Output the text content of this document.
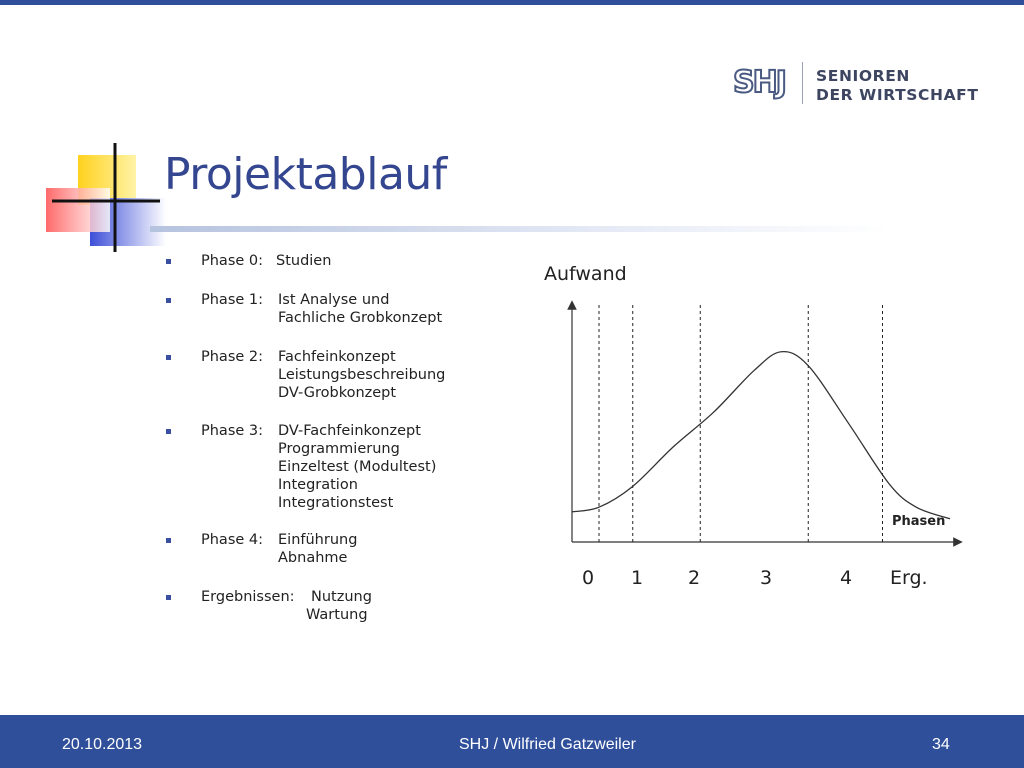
SHJ SENIOREN
DER WIRTSCHAFT
Projektablauf
Phase 0: Studien
Phase 1: Ist Analyse und
Fachliche Grobkonzept
Phase 2: Fachfeinkonzept
Leistungsbeschreibung
DV-Grobkonzept
Phase 3: DV-Fachfeinkonzept
Programmierung
Einzeltest (Modultest)
Integration
Integrationstest
Phase 4: Einführung
Abnahme
Ergebnissen: Nutzung
Wartung
Aufwand
Phasen
0 1 2	3	4 Erg.
20.10.2013	SHJ / Wilfried Gatzweiler	34
